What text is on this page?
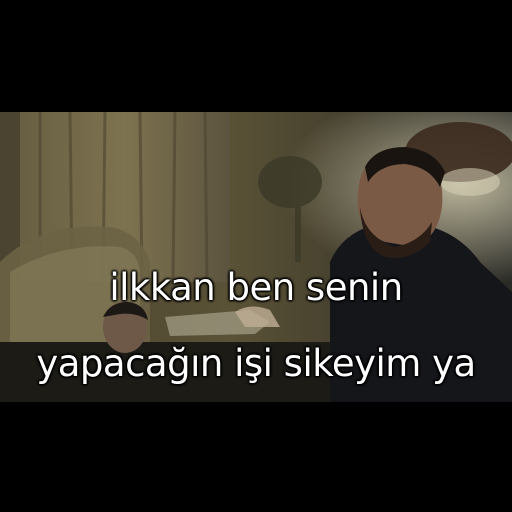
ilkkan ben senin
yapacağın işi sikeyim ya
